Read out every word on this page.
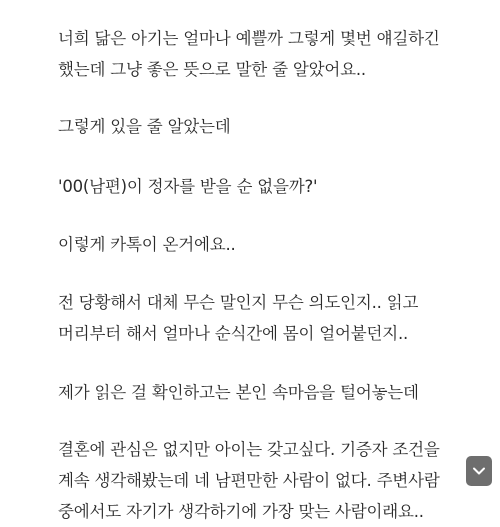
너희 닮은 아기는 얼마나 예쁠까 그렇게 몇번 얘길하긴
했는데 그냥 좋은 뜻으로 말한 줄 알았어요..

그렇게 있을 줄 알았는데

'00(남편)이 정자를 받을 순 없을까?'

이렇게 카톡이 온거에요..

전 당황해서 대체 무슨 말인지 무슨 의도인지.. 읽고
머리부터 해서 얼마나 순식간에 몸이 얼어붙던지..

제가 읽은 걸 확인하고는 본인 속마음을 털어놓는데

결혼에 관심은 없지만 아이는 갖고싶다. 기증자 조건을
계속 생각해봤는데 네 남편만한 사람이 없다. 주변사람
중에서도 자기가 생각하기에 가장 맞는 사람이래요..
